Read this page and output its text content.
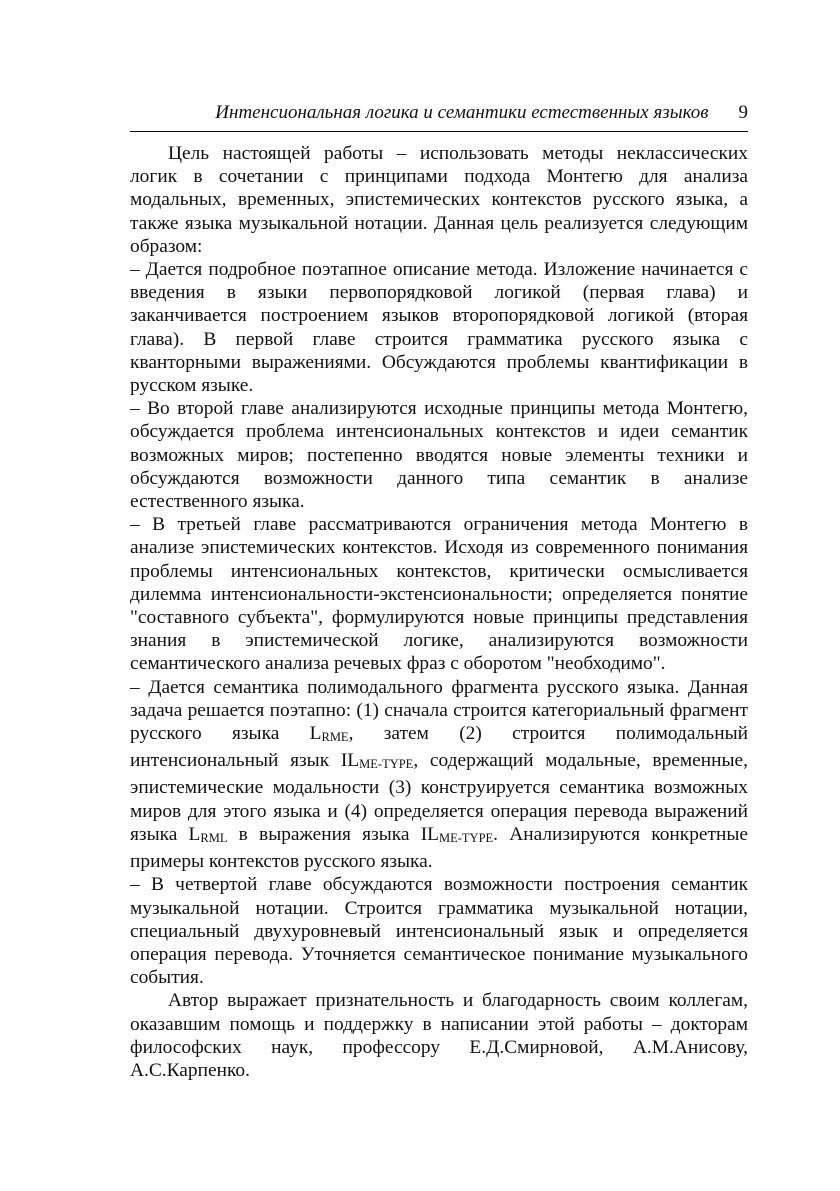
Интенсиональная логика и семантики естественных языков 9

Цель настоящей работы – использовать методы неклассических логик в сочетании с принципами подхода Монтегю для анализа модальных, временных, эпистемических контекстов русского языка, а также языка музыкальной нотации. Данная цель реализуется следующим образом:

– Дается подробное поэтапное описание метода. Изложение начинается с введения в языки первопорядковой логикой (первая глава) и заканчивается построением языков второпорядковой логикой (вторая глава). В первой главе строится грамматика русского языка с кванторными выражениями. Обсуждаются проблемы квантификации в русском языке.

– Во второй главе анализируются исходные принципы метода Монтегю, обсуждается проблема интенсиональных контекстов и идеи семантик возможных миров; постепенно вводятся новые элементы техники и обсуждаются возможности данного типа семантик в анализе естественного языка.

– В третьей главе рассматриваются ограничения метода Монтегю в анализе эпистемических контекстов. Исходя из современного понимания проблемы интенсиональных контекстов, критически осмысливается дилемма интенсиональности-экстенсиональности; определяется понятие "составного субъекта", формулируются новые принципы представления знания в эпистемической логике, анализируются возможности семантического анализа речевых фраз с оборотом "необходимо".

– Дается семантика полимодального фрагмента русского языка. Данная задача решается поэтапно: (1) сначала строится категориальный фрагмент русского языка LRME, затем (2) строится полимодальный интенсиональный язык ILME-TYPE, содержащий модальные, временные, эпистемические модальности (3) конструируется семантика возможных миров для этого языка и (4) определяется операция перевода выражений языка LRML в выражения языка ILME-TYPE. Анализируются конкретные примеры контекстов русского языка.

– В четвертой главе обсуждаются возможности построения семантик музыкальной нотации. Строится грамматика музыкальной нотации, специальный двухуровневый интенсиональный язык и определяется операция перевода. Уточняется семантическое понимание музыкального события.

Автор выражает признательность и благодарность своим коллегам, оказавшим помощь и поддержку в написании этой работы – докторам философских наук, профессору Е.Д.Смирновой, А.М.Анисову, А.С.Карпенко.
